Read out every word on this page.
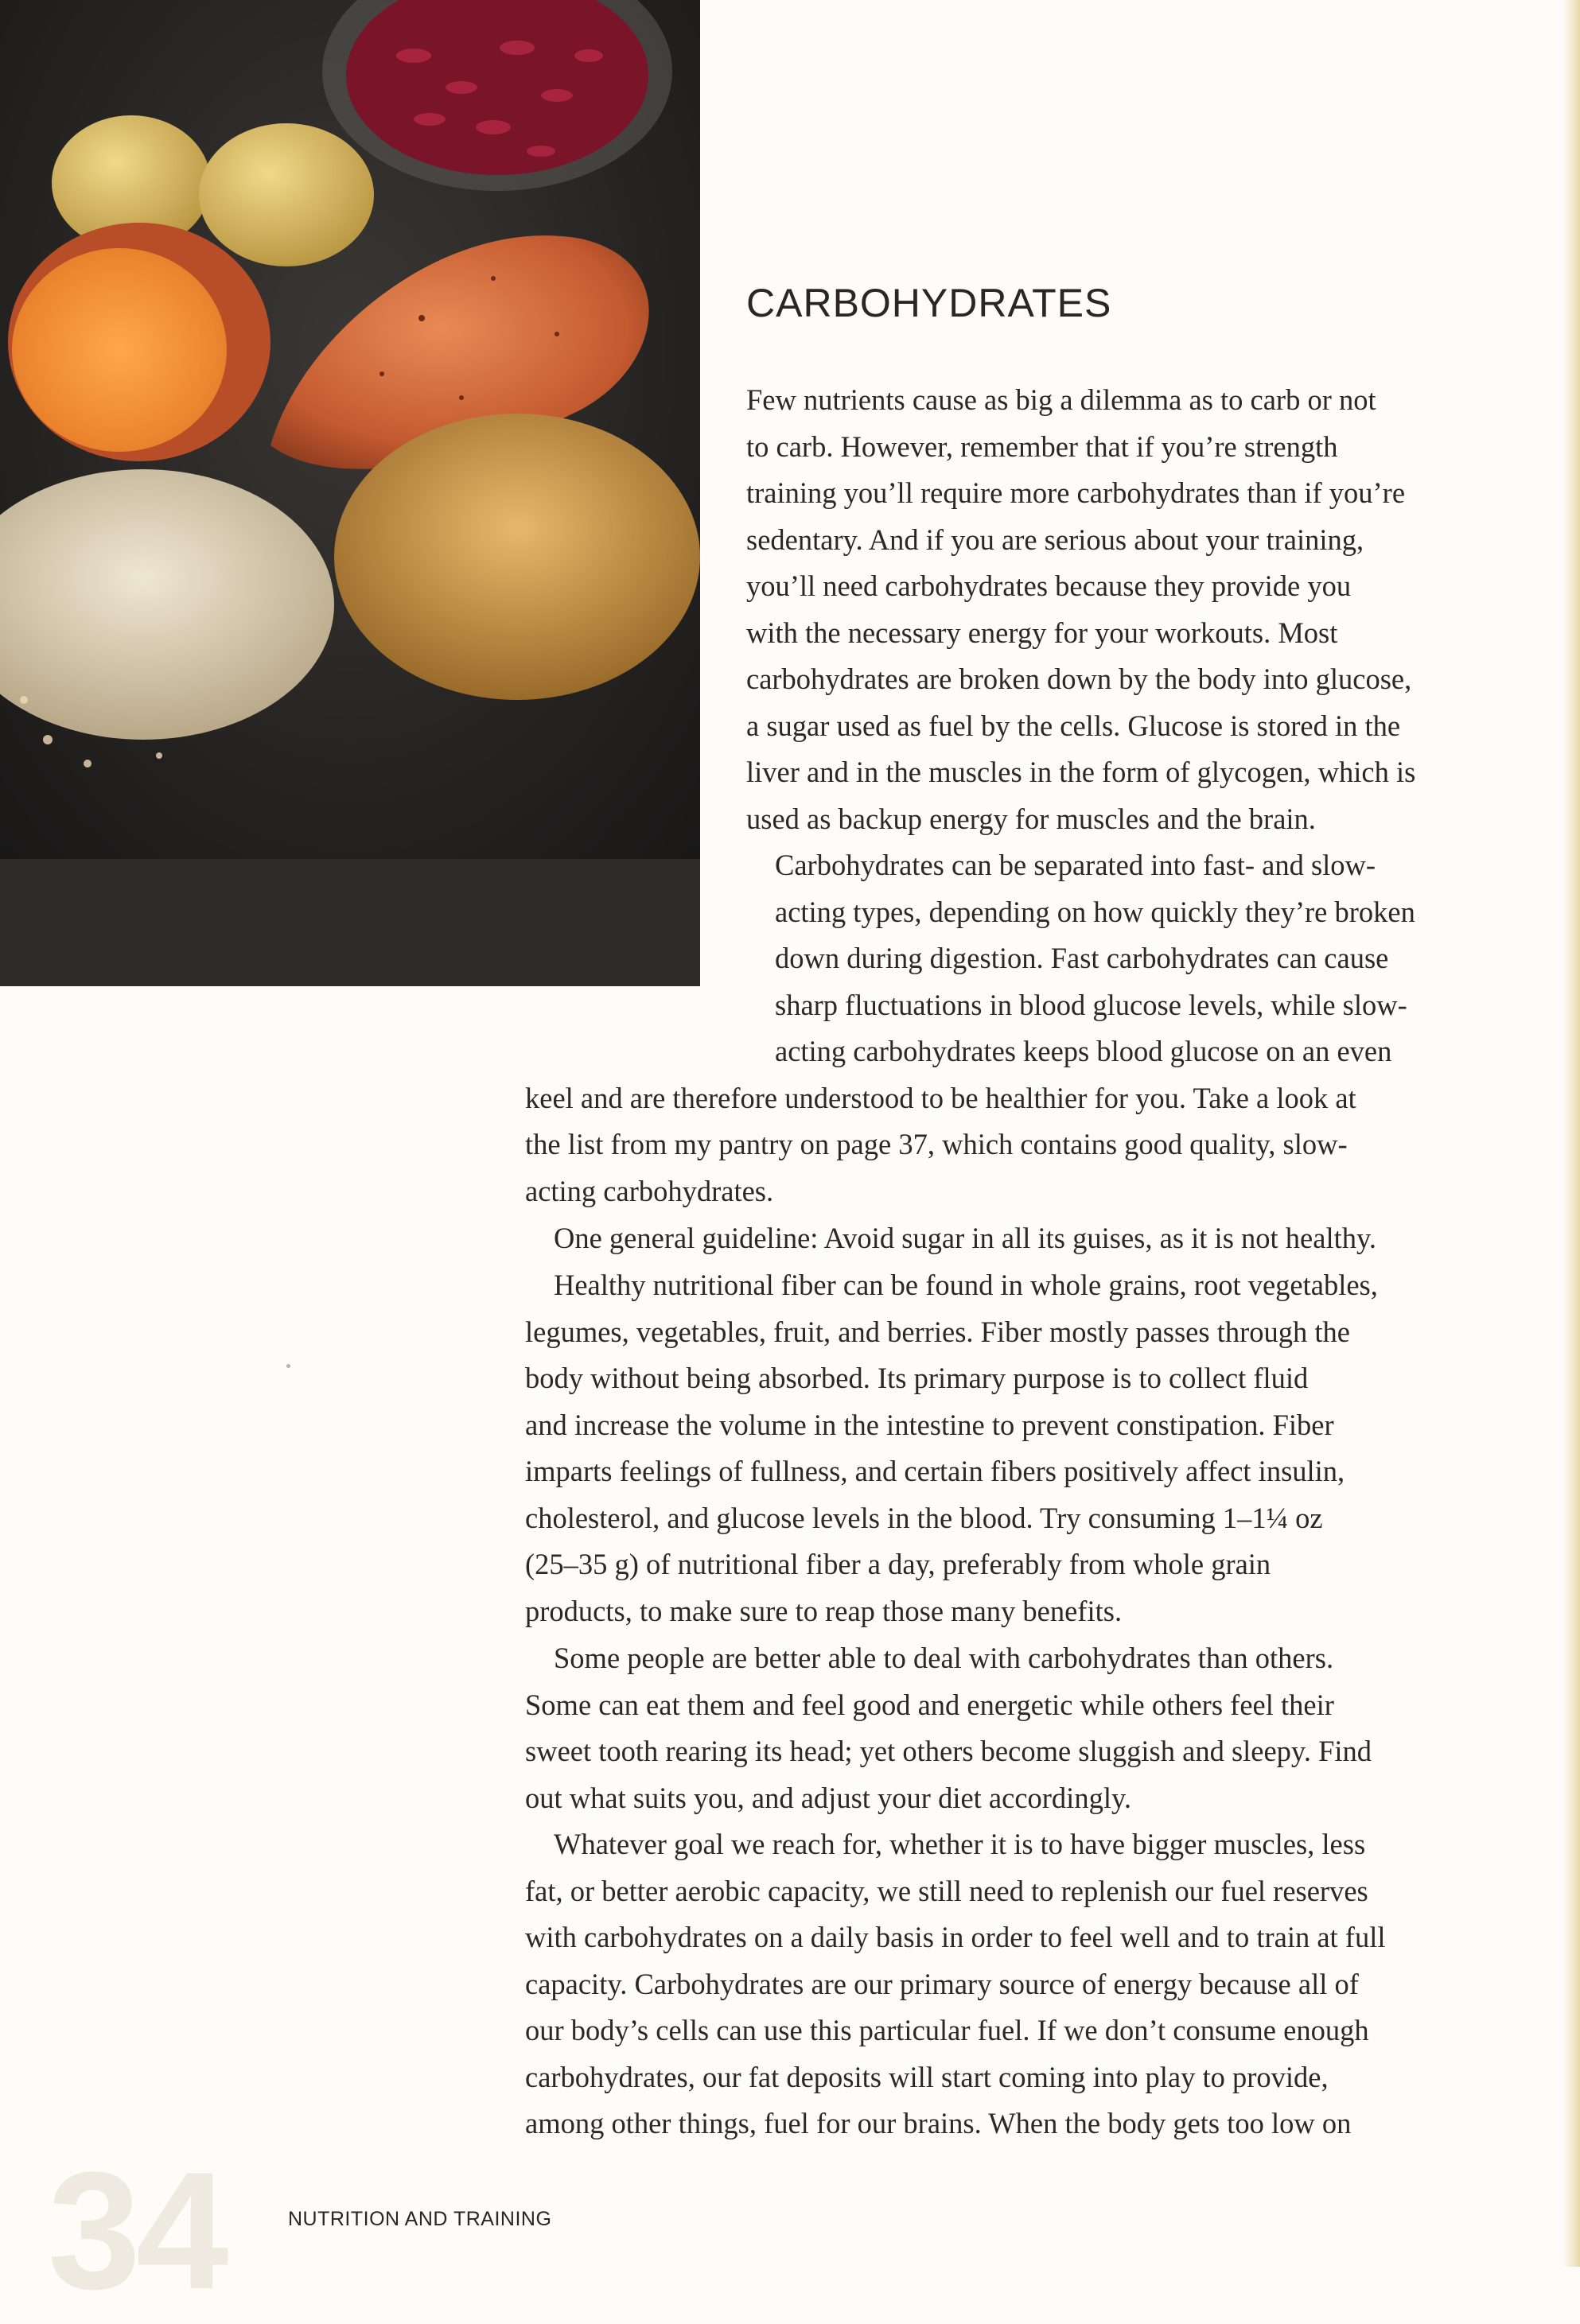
CARBOHYDRATES

Few nutrients cause as big a dilemma as to carb or not
to carb. However, remember that if you’re strength
training you’ll require more carbohydrates than if you’re
sedentary. And if you are serious about your training,
you’ll need carbohydrates because they provide you
with the necessary energy for your workouts. Most
carbohydrates are broken down by the body into glucose,
a sugar used as fuel by the cells. Glucose is stored in the
liver and in the muscles in the form of glycogen, which is
used as backup energy for muscles and the brain.

Carbohydrates can be separated into fast- and slow-
acting types, depending on how quickly they’re broken
down during digestion. Fast carbohydrates can cause
sharp fluctuations in blood glucose levels, while slow-
acting carbohydrates keeps blood glucose on an even
keel and are therefore understood to be healthier for you. Take a look at
the list from my pantry on page 37, which contains good quality, slow-
acting carbohydrates.

One general guideline: Avoid sugar in all its guises, as it is not healthy.

Healthy nutritional fiber can be found in whole grains, root vegetables,
legumes, vegetables, fruit, and berries. Fiber mostly passes through the
body without being absorbed. Its primary purpose is to collect fluid
and increase the volume in the intestine to prevent constipation. Fiber
imparts feelings of fullness, and certain fibers positively affect insulin,
cholesterol, and glucose levels in the blood. Try consuming 1–1¼ oz
(25–35 g) of nutritional fiber a day, preferably from whole grain
products, to make sure to reap those many benefits.

Some people are better able to deal with carbohydrates than others.
Some can eat them and feel good and energetic while others feel their
sweet tooth rearing its head; yet others become sluggish and sleepy. Find
out what suits you, and adjust your diet accordingly.

Whatever goal we reach for, whether it is to have bigger muscles, less
fat, or better aerobic capacity, we still need to replenish our fuel reserves
with carbohydrates on a daily basis in order to feel well and to train at full
capacity. Carbohydrates are our primary source of energy because all of
our body’s cells can use this particular fuel. If we don’t consume enough
carbohydrates, our fat deposits will start coming into play to provide,
among other things, fuel for our brains. When the body gets too low on

34	NUTRITION AND TRAINING
